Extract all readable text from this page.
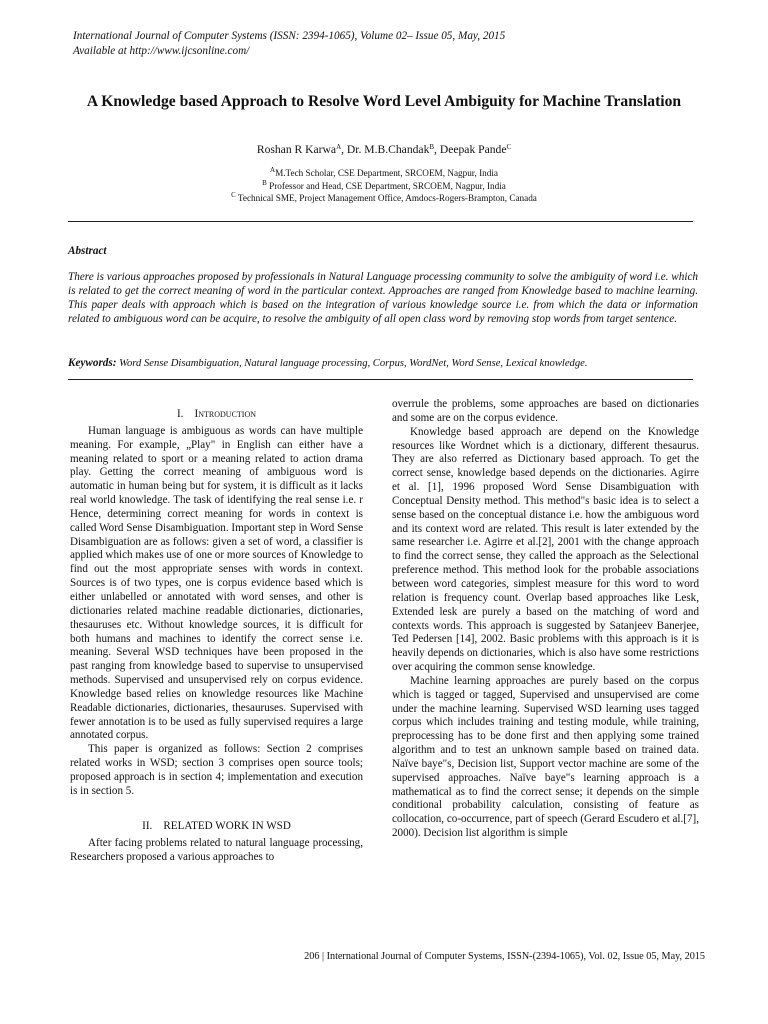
International Journal of Computer Systems (ISSN: 2394-1065), Volume 02– Issue 05, May, 2015
Available at http://www.ijcsonline.com/
A Knowledge based Approach to Resolve Word Level Ambiguity for Machine Translation
Roshan R Karwa$^A$, Dr. M.B.Chandak$^B$, Deepak Pande$^C$
$^A$M.Tech Scholar, CSE Department, SRCOEM, Nagpur, India
$^B$ Professor and Head, CSE Department, SRCOEM, Nagpur, India
$^C$ Technical SME, Project Management Office, Amdocs-Rogers-Brampton, Canada
Abstract

There is various approaches proposed by professionals in Natural Language processing community to solve the ambiguity of word i.e. which is related to get the correct meaning of word in the particular context. Approaches are ranged from Knowledge based to machine learning. This paper deals with approach which is based on the integration of various knowledge source i.e. from which the data or information related to ambiguous word can be acquire, to resolve the ambiguity of all open class word by removing stop words from target sentence.

Keywords: Word Sense Disambiguation, Natural language processing, Corpus, WordNet, Word Sense, Lexical knowledge.
I. Introduction

Human language is ambiguous as words can have multiple meaning. For example, „Play" in English can either have a meaning related to sport or a meaning related to action drama play. Getting the correct meaning of ambiguous word is automatic in human being but for system, it is difficult as it lacks real world knowledge. The task of identifying the real sense i.e. r Hence, determining correct meaning for words in context is called Word Sense Disambiguation. Important step in Word Sense Disambiguation are as follows: given a set of word, a classifier is applied which makes use of one or more sources of Knowledge to find out the most appropriate senses with words in context. Sources is of two types, one is corpus evidence based which is either unlabelled or annotated with word senses, and other is dictionaries related machine readable dictionaries, dictionaries, thesauruses etc. Without knowledge sources, it is difficult for both humans and machines to identify the correct sense i.e. meaning. Several WSD techniques have been proposed in the past ranging from knowledge based to supervise to unsupervised methods. Supervised and unsupervised rely on corpus evidence. Knowledge based relies on knowledge resources like Machine Readable dictionaries, dictionaries, thesauruses. Supervised with fewer annotation is to be used as fully supervised requires a large annotated corpus.

This paper is organized as follows: Section 2 comprises related works in WSD; section 3 comprises open source tools; proposed approach is in section 4; implementation and execution is in section 5.

II. RELATED WORK IN WSD

After facing problems related to natural language processing, Researchers proposed a various approaches to

overrule the problems, some approaches are based on dictionaries and some are on the corpus evidence.

Knowledge based approach are depend on the Knowledge resources like Wordnet which is a dictionary, different thesaurus. They are also referred as Dictionary based approach. To get the correct sense, knowledge based depends on the dictionaries. Agirre et al. [1], 1996 proposed Word Sense Disambiguation with Conceptual Density method. This method"s basic idea is to select a sense based on the conceptual distance i.e. how the ambiguous word and its context word are related. This result is later extended by the same researcher i.e. Agirre et al.[2], 2001 with the change approach to find the correct sense, they called the approach as the Selectional preference method. This method look for the probable associations between word categories, simplest measure for this word to word relation is frequency count. Overlap based approaches like Lesk, Extended lesk are purely a based on the matching of word and contexts words. This approach is suggested by Satanjeev Banerjee, Ted Pedersen [14], 2002. Basic problems with this approach is it is heavily depends on dictionaries, which is also have some restrictions over acquiring the common sense knowledge.

Machine learning approaches are purely based on the corpus which is tagged or tagged, Supervised and unsupervised are come under the machine learning. Supervised WSD learning uses tagged corpus which includes training and testing module, while training, preprocessing has to be done first and then applying some trained algorithm and to test an unknown sample based on trained data. Naïve baye"s, Decision list, Support vector machine are some of the supervised approaches. Naïve baye"s learning approach is a mathematical as to find the correct sense; it depends on the simple conditional probability calculation, consisting of feature as collocation, co-occurrence, part of speech (Gerard Escudero et al.[7], 2000). Decision list algorithm is simple

206 | International Journal of Computer Systems, ISSN-(2394-1065), Vol. 02, Issue 05, May, 2015
